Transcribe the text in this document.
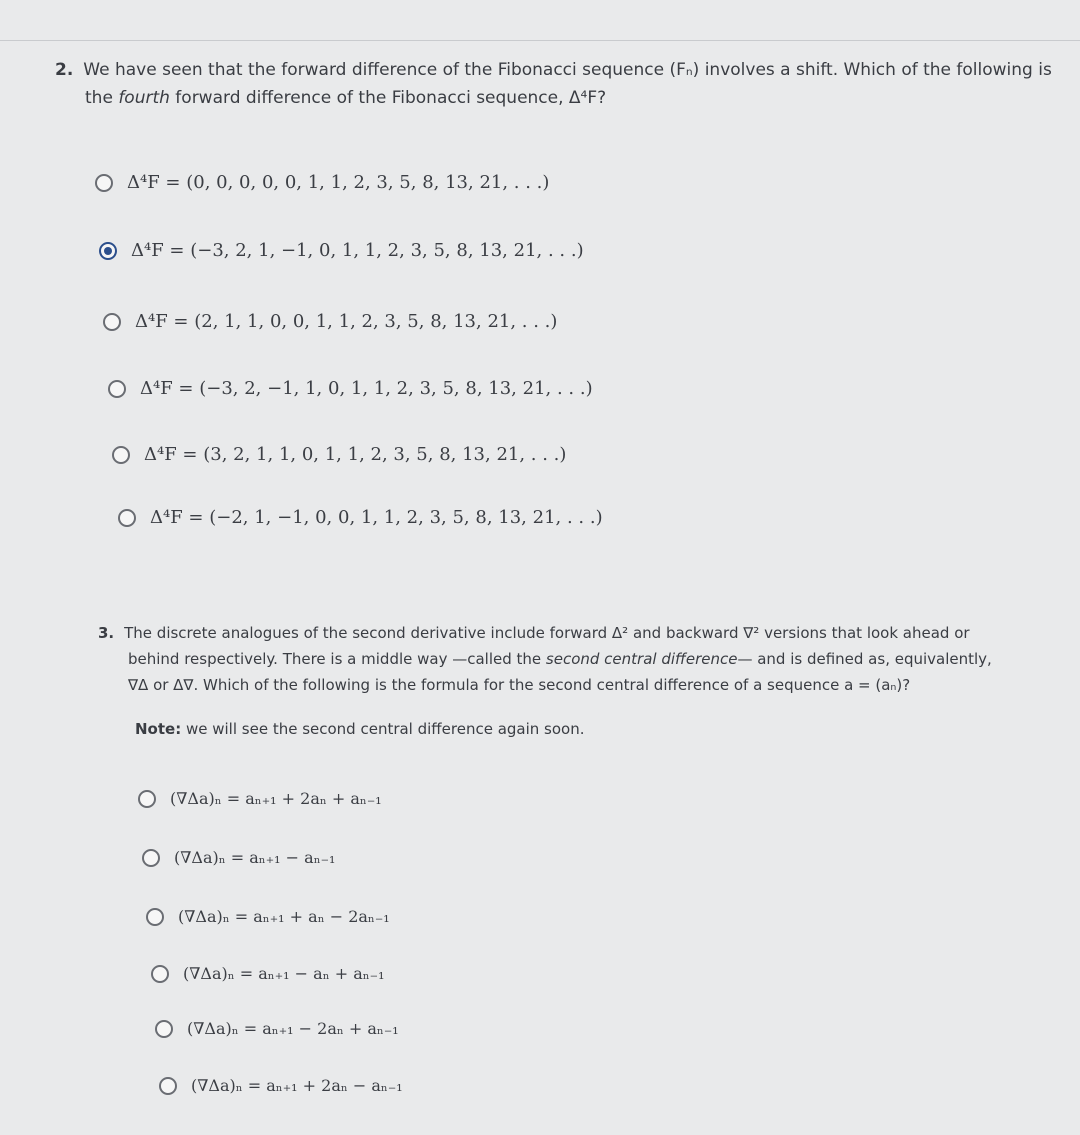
2. We have seen that the forward difference of the Fibonacci sequence (Fₙ) involves a shift. Which of the following is
the fourth forward difference of the Fibonacci sequence, Δ⁴F?
Δ⁴F = (0, 0, 0, 0, 0, 1, 1, 2, 3, 5, 8, 13, 21, . . .)
Δ⁴F = (−3, 2, 1, −1, 0, 1, 1, 2, 3, 5, 8, 13, 21, . . .)
Δ⁴F = (2, 1, 1, 0, 0, 1, 1, 2, 3, 5, 8, 13, 21, . . .)
Δ⁴F = (−3, 2, −1, 1, 0, 1, 1, 2, 3, 5, 8, 13, 21, . . .)
Δ⁴F = (3, 2, 1, 1, 0, 1, 1, 2, 3, 5, 8, 13, 21, . . .)
Δ⁴F = (−2, 1, −1, 0, 0, 1, 1, 2, 3, 5, 8, 13, 21, . . .)
3. The discrete analogues of the second derivative include forward Δ² and backward ∇² versions that look ahead or
behind respectively. There is a middle way —called the second central difference— and is defined as, equivalently,
∇Δ or Δ∇. Which of the following is the formula for the second central difference of a sequence a = (aₙ)?
Note: we will see the second central difference again soon.
(∇Δa)ₙ = aₙ₊₁ + 2aₙ + aₙ₋₁
(∇Δa)ₙ = aₙ₊₁ − aₙ₋₁
(∇Δa)ₙ = aₙ₊₁ + aₙ − 2aₙ₋₁
(∇Δa)ₙ = aₙ₊₁ − aₙ + aₙ₋₁
(∇Δa)ₙ = aₙ₊₁ − 2aₙ + aₙ₋₁
(∇Δa)ₙ = aₙ₊₁ + 2aₙ − aₙ₋₁
